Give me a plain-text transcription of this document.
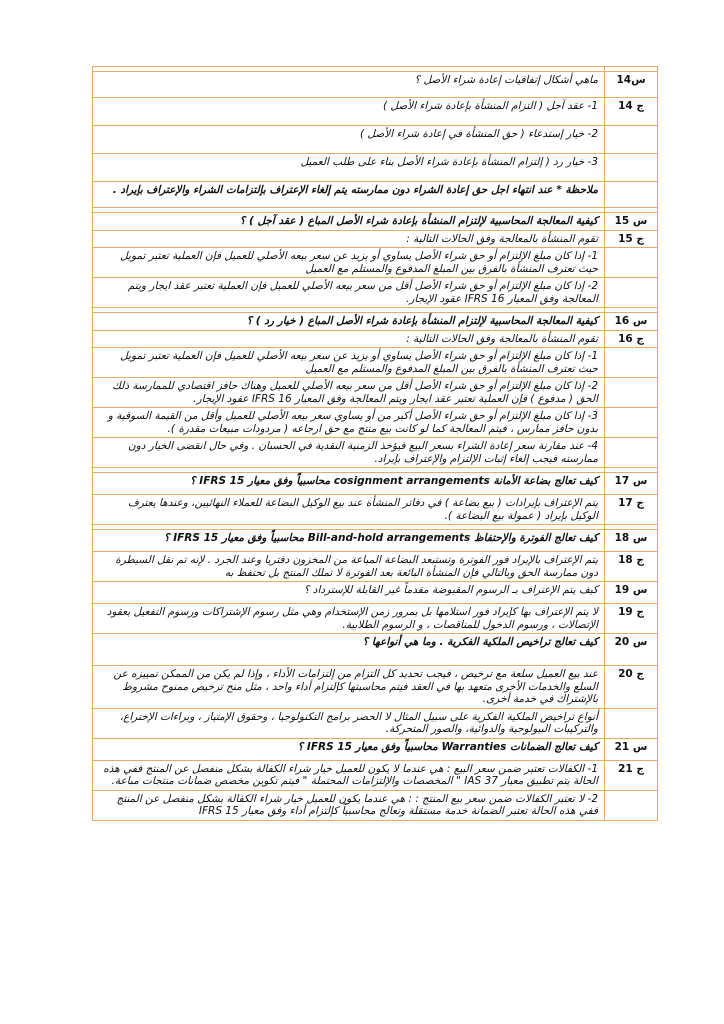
س14	ماهي أشكال إتفاقيات إعادة شراء الأصل ؟
ج 14	1- عقد آجل ( التزام المنشأة بإعادة شراء الأصل )
	2- خيار إستدعاء ( حق المنشأة في إعادة شراء الأصل )
	3- خيار رد ( إلتزام المنشأة بإعادة شراء الأصل بناء على طلب العميل
	ملاحظة * عند انتهاء اجل حق إعادة الشراء دون ممارسته يتم إلغاء الإعتراف بإلتزامات الشراء والإعتراف بإيراد .

س 15	كيفية المعالجة المحاسبية لإلتزام المنشأة بإعادة شراء الأصل المباع ( عقد آجل ) ؟
ج 15	تقوم المنشأة بالمعالجة وفق الحالات التالية :
	1- إذا كان مبلغ الإلتزام أو حق شراء الأصل يساوي أو يزيد عن سعر بيعه الأصلي للعميل فإن العملية تعتبر تمويل حيث تعترف المنشأة بالفرق بين المبلغ المدفوع والمستلم مع العميل
	2- إذا كان مبلغ الإلتزام أو حق شراء الأصل أقل من سعر بيعه الأصلي للعميل فإن العملية تعتبر عقد ايجار ويتم المعالجة وفق المعيار IFRS 16 عقود الإيجار.

س 16	كيفية المعالجة المحاسبية لإلتزام المنشأة بإعادة شراء الأصل المباع ( خيار رد ) ؟
ج 16	تقوم المنشأة بالمعالجة وفق الحالات التالية :
	1- إذا كان مبلغ الإلتزام أو حق شراء الأصل يساوي أو يزيد عن سعر بيعه الأصلي للعميل فإن العملية تعتبر تمويل حيث تعترف المنشأة بالفرق بين المبلغ المدفوع والمستلم مع العميل
	2- إذا كان مبلغ الإلتزام أو حق شراء الأصل أقل من سعر بيعه الأصلي للعميل وهناك حافز اقتصادي للممارسة ذلك الحق ( مدفوع ) فإن العملية تعتبر عقد ايجار ويتم المعالجة وفق المعيار IFRS 16 عقود الإيجار.
	3- إذا كان مبلغ الإلتزام أو حق شراء الأصل أكبر من أو يساوي سعر بيعه الأصلي للعميل وأقل من القيمة السوقية و بدون حافز ممارس ، فيتم المعالجة كما لو كانت بيع منتج مع حق ارجاعه ( مردودات مبيعات مقدرة ).
	4- عند مقارنة سعر إعادة الشراء بسعر البيع فيؤخذ الزمنية النقدية في الحسبان . وفي حال انقضى الخيار دون ممارسته فيجب إلغاء إثبات الإلتزام والإعتراف بإيراد.

س 17	كيف تعالج بضاعة الأمانة cosignment arrangements محاسبياً وفق معيار IFRS 15 ؟
ج 17	يتم الإعتراف بإيرادات ( بيع بضاعة ) في دفاتر المنشأة عند بيع الوكيل البضاعة للعملاء النهائيين، وعندها يعترف الوكيل بإيراد ( عمولة بيع البضاعة ).

س 18	كيف تعالج الفوترة والإحتفاظ Bill-and-hold arrangements محاسبياً وفق معيار IFRS 15 ؟
ج 18	يتم الإعتراف بالإيراد فور الفوترة وتستبعد البضاعة المباعة من المخزون دفتريا وعند الجرد . لإنه تم نقل السيطرة دون ممارسة الحق وبالتالي فإن المنشأة البائعة بعد الفوترة لا تملك المنتج بل تحتفظ به
س 19	كيف يتم الإعتراف بـ الرسوم المقبوضة مقدماً غير القابلة للإسترداد ؟
ج 19	لا يتم الإعتراف بها كإيراد فور استلامها بل بمرور زمن الإستخدام وهي مثل رسوم الإشتراكات ورسوم التفعيل بعقود الإتصالات ، ورسوم الدخول للمناقصات ، و الرسوم الطلابية.
س 20	كيف تعالج تراخيص الملكية الفكرية . وما هي أنواعها ؟
ج 20	عند بيع العميل سلعة مع ترخيص ، فيجب تحديد كل التزام من إلتزامات الأداء ، وإذا لم يكن من الممكن تمييزه عن السلع والخدمات الأخرى متعهد بها في العقد فيتم محاسبتها كإلتزام أداء واحد ، مثل منح ترخيص ممنوح مشروط بالإشتراك في خدمة أخرى.
	أنواع تراخيص الملكية الفكرية على سبيل المثال لا الحصر برامج التكنولوجيا ، وحقوق الإمتياز ، وبراءات الإختراع، والتركيبات البيولوجية والدوائية، والصور المتحركة.
س 21	كيف تعالج الضمانات Warranties محاسبياً وفق معيار IFRS 15 ؟
ج 21	1- الكفالات تعتبر ضمن سعر البيع : هي عندما لا يكون للعميل خيار شراء الكفالة بشكل منفصل عن المنتج ففي هذه الحالة يتم تطبيق معيار IAS 37 " المخصصات والإلتزامات المحتملة " فيتم تكوين مخصص ضمانات منتجات مباعة.
	2- لا تعتبر الكفالات ضمن سعر بيع المنتج : : هي عندما يكون للعميل خيار شراء الكفالة بشكل منفصل عن المنتج ففي هذه الحالة تعتبر الضمانة خدمة مستقلة وتعالج محاسبياً كإلتزام أداء وفق معيار IFRS 15
